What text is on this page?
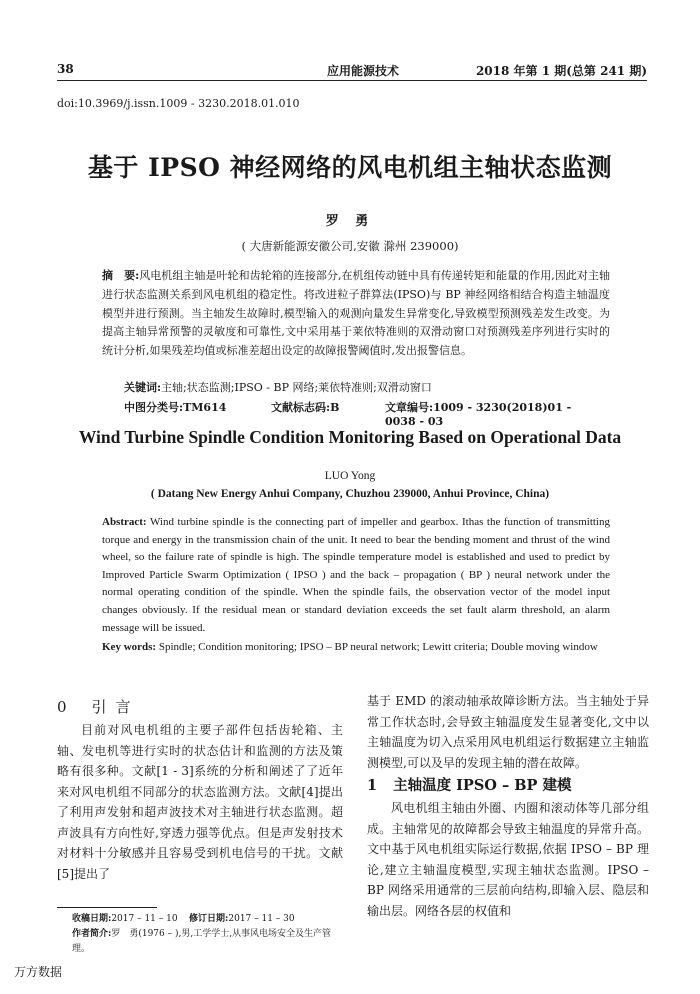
38	应用能源技术	2018 年第 1 期(总第 241 期)
doi:10.3969/j.issn.1009 - 3230.2018.01.010
基于 IPSO 神经网络的风电机组主轴状态监测
罗 勇
( 大唐新能源安徽公司,安徽 滁州 239000)
摘　要:风电机组主轴是叶轮和齿轮箱的连接部分,在机组传动链中具有传递转矩和能量的作用,因此对主轴进行状态监测关系到风电机组的稳定性。将改进粒子群算法(IPSO)与 BP 神经网络相结合构造主轴温度模型并进行预测。当主轴发生故障时,模型输入的观测向量发生异常变化,导致模型预测残差发生改变。为提高主轴异常预警的灵敏度和可靠性,文中采用基于莱依特准则的双滑动窗口对预测残差序列进行实时的统计分析,如果残差均值或标准差超出设定的故障报警阈值时,发出报警信息。
关键词:主轴;状态监测;IPSO - BP 网络;莱依特准则;双滑动窗口
中图分类号:TM614	文献标志码:B	文章编号:1009 - 3230(2018)01 - 0038 - 03
Wind Turbine Spindle Condition Monitoring Based on Operational Data
LUO Yong
( Datang New Energy Anhui Company, Chuzhou 239000, Anhui Province, China)
Abstract: Wind turbine spindle is the connecting part of impeller and gearbox. Ithas the function of transmitting torque and energy in the transmission chain of the unit. It need to bear the bending moment and thrust of the wind wheel, so the failure rate of spindle is high. The spindle temperature model is established and used to predict by Improved Particle Swarm Optimization ( IPSO ) and the back – propagation ( BP ) neural network under the normal operating condition of the spindle. When the spindle fails, the observation vector of the model input changes obviously. If the residual mean or standard deviation exceeds the set fault alarm threshold, an alarm message will be issued.
Key words: Spindle; Condition monitoring; IPSO – BP neural network; Lewitt criteria; Double moving window
0 引言
目前对风电机组的主要子部件包括齿轮箱、主轴、发电机等进行实时的状态估计和监测的方法及策略有很多种。文献[1 - 3]系统的分析和阐述了了近年来对风电机组不同部分的状态监测方法。文献[4]提出了利用声发射和超声波技术对主轴进行状态监测。超声波具有方向性好,穿透力强等优点。但是声发射技术对材料十分敏感并且容易受到机电信号的干扰。文献[5]提出了
基于 EMD 的滚动轴承故障诊断方法。当主轴处于异常工作状态时,会导致主轴温度发生显著变化,文中以主轴温度为切入点采用风电机组运行数据建立主轴监测模型,可以及早的发现主轴的潜在故障。
1 主轴温度 IPSO – BP 建模
风电机组主轴由外圈、内圈和滚动体等几部分组成。主轴常见的故障都会导致主轴温度的异常升高。文中基于风电机组实际运行数据,依据 IPSO – BP 理论,建立主轴温度模型,实现主轴状态监测。IPSO – BP 网络采用通常的三层前向结构,即输入层、隐层和输出层。网络各层的权值和
收稿日期:2017 – 11 – 10 修订日期:2017 – 11 – 30
作者简介:罗　勇(1976 – ),男,工学学士,从事风电场安全及生产管理。
万方数据
